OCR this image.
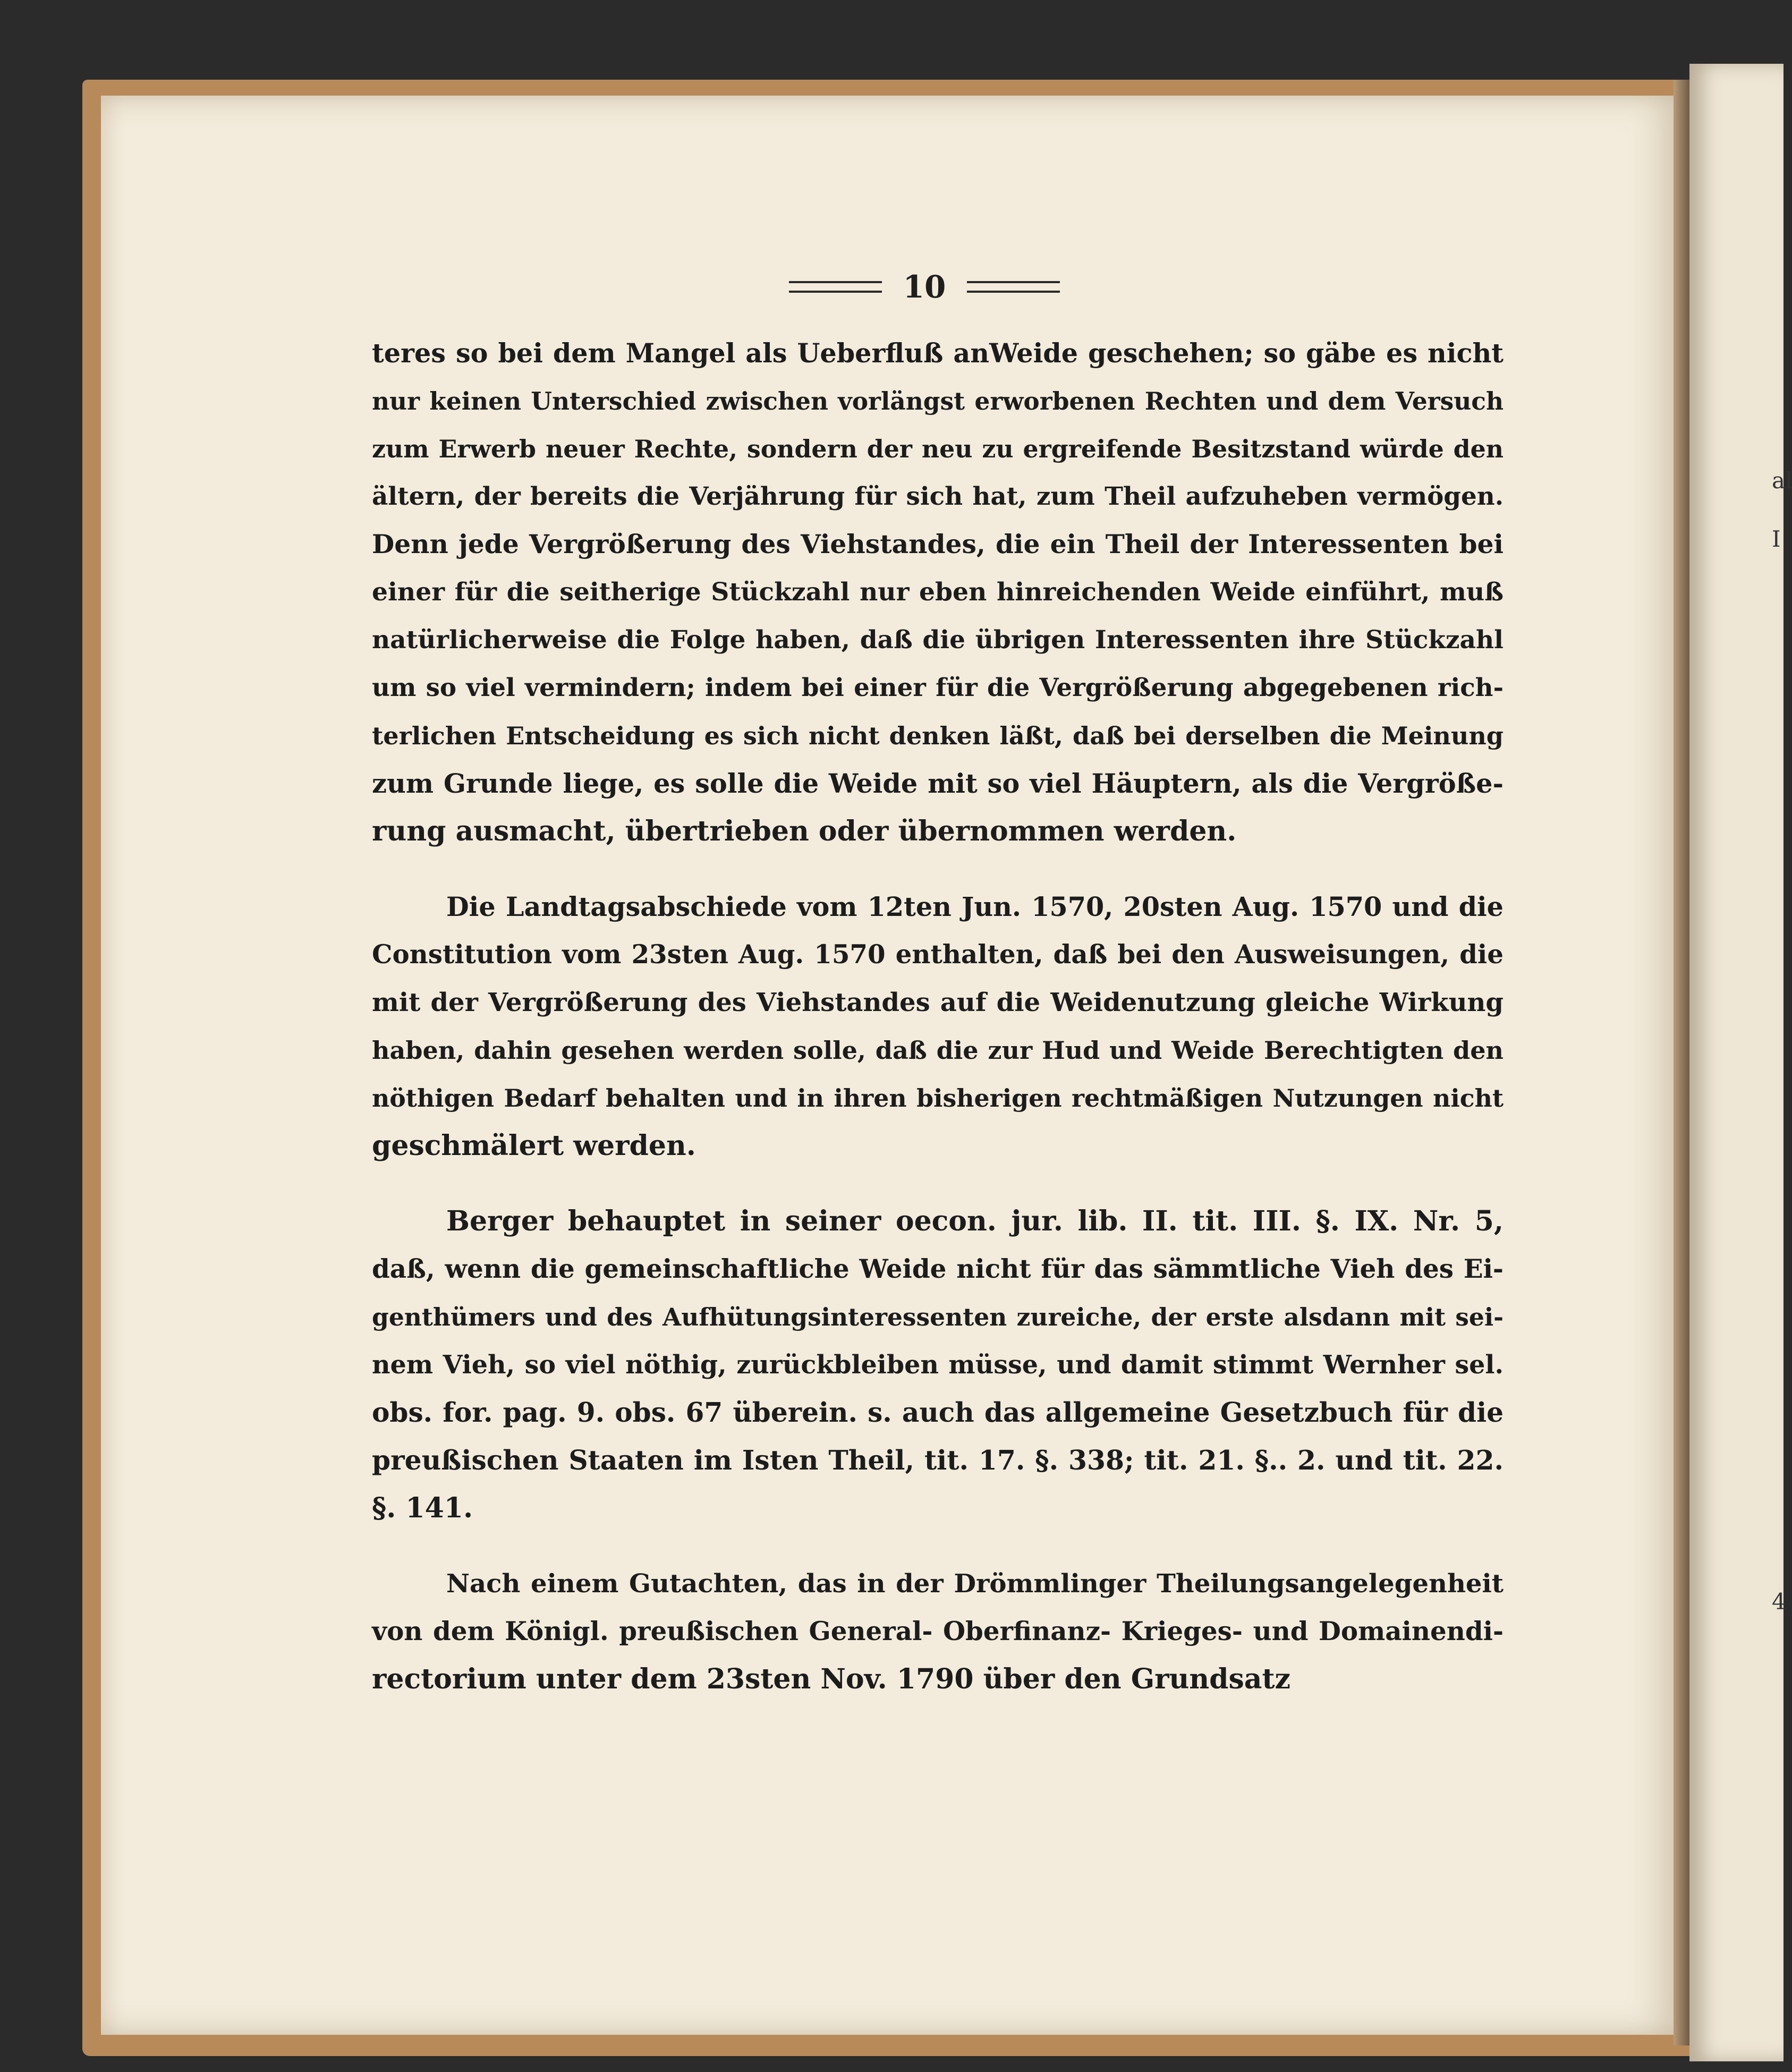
al
I
4
10

teres so bei dem Mangel als Ueberfluß anWeide geschehen; so gäbe es nicht
nur keinen Unterschied zwischen vorlängst erworbenen Rechten und dem Versuch
zum Erwerb neuer Rechte, sondern der neu zu ergreifende Besitzstand würde den
ältern, der bereits die Verjährung für sich hat, zum Theil aufzuheben vermögen.
Denn jede Vergrößerung des Viehstandes, die ein Theil der Interessenten bei
einer für die seitherige Stückzahl nur eben hinreichenden Weide einführt, muß
natürlicherweise die Folge haben, daß die übrigen Interessenten ihre Stückzahl
um so viel vermindern; indem bei einer für die Vergrößerung abgegebenen rich-
terlichen Entscheidung es sich nicht denken läßt, daß bei derselben die Meinung
zum Grunde liege, es solle die Weide mit so viel Häuptern, als die Vergröße-
rung ausmacht, übertrieben oder übernommen werden.

Die Landtagsabschiede vom 12ten Jun. 1570, 20sten Aug. 1570 und die
Constitution vom 23sten Aug. 1570 enthalten, daß bei den Ausweisungen, die
mit der Vergrößerung des Viehstandes auf die Weidenutzung gleiche Wirkung
haben, dahin gesehen werden solle, daß die zur Hud und Weide Berechtigten den
nöthigen Bedarf behalten und in ihren bisherigen rechtmäßigen Nutzungen nicht
geschmälert werden.

Berger behauptet in seiner oecon. jur. lib. II. tit. III. §. IX. Nr. 5,
daß, wenn die gemeinschaftliche Weide nicht für das sämmtliche Vieh des Ei-
genthümers und des Aufhütungsinteressenten zureiche, der erste alsdann mit sei-
nem Vieh, so viel nöthig, zurückbleiben müsse, und damit stimmt Wernher sel.
obs. for. pag. 9. obs. 67 überein. s. auch das allgemeine Gesetzbuch für die
preußischen Staaten im Isten Theil, tit. 17. §. 338; tit. 21. §.. 2. und tit. 22.
§. 141.

Nach einem Gutachten, das in der Drömmlinger Theilungsangelegenheit
von dem Königl. preußischen General- Oberfinanz- Krieges- und Domainendi-
rectorium unter dem 23sten Nov. 1790 über den Grundsatz
